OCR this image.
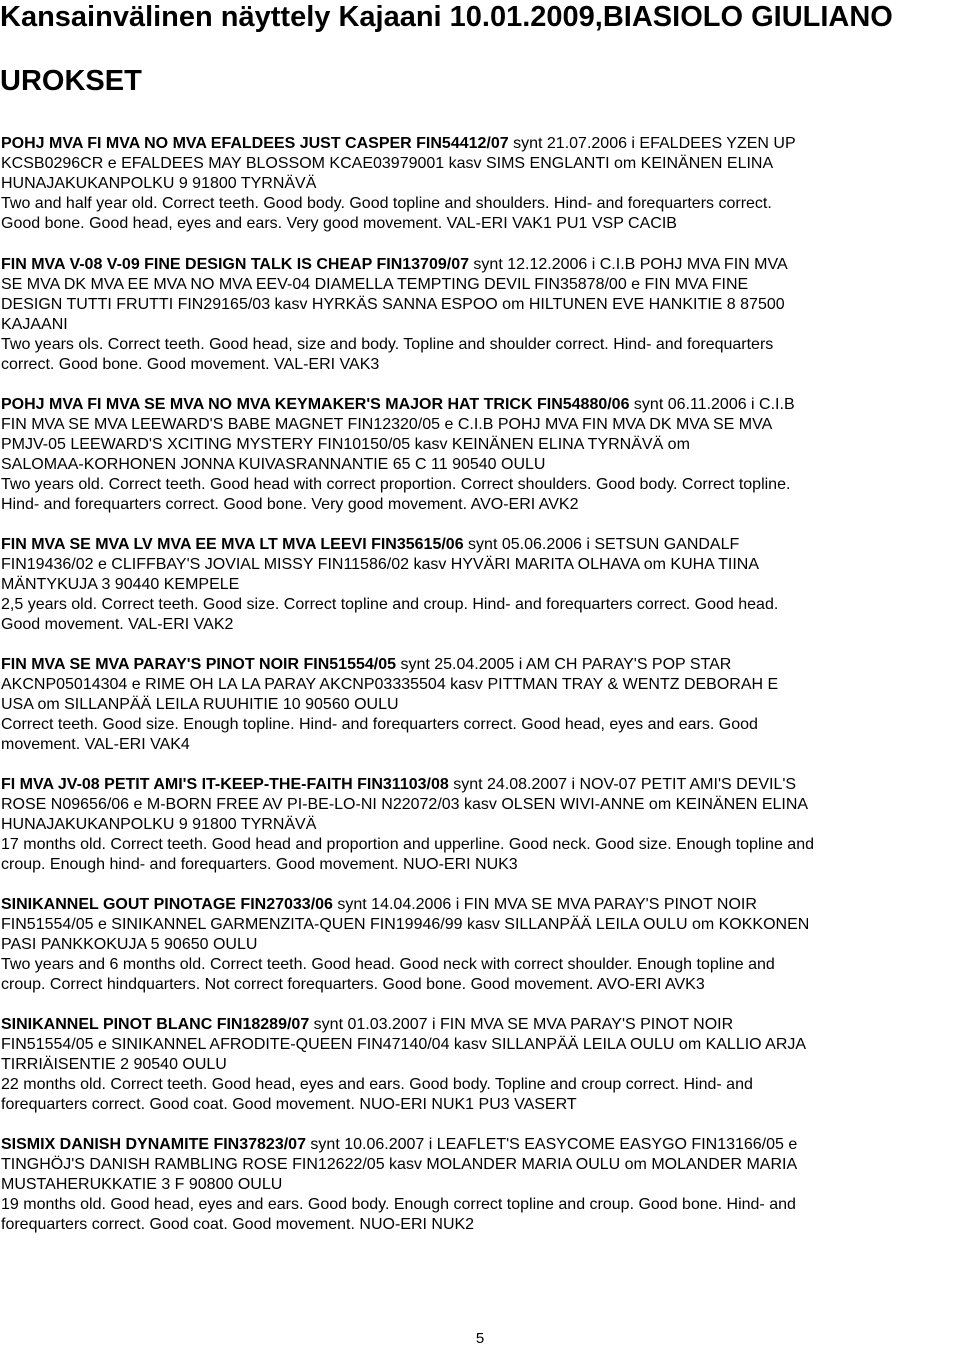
Kansainvälinen näyttely Kajaani 10.01.2009,BIASIOLO GIULIANO
UROKSET

POHJ MVA FI MVA NO MVA EFALDEES JUST CASPER FIN54412/07 synt 21.07.2006 i EFALDEES YZEN UP
KCSB0296CR e EFALDEES MAY BLOSSOM KCAE03979001 kasv SIMS ENGLANTI om KEINÄNEN ELINA
HUNAJAKUKANPOLKU 9 91800 TYRNÄVÄ
Two and half year old. Correct teeth. Good body. Good topline and shoulders. Hind- and forequarters correct.
Good bone. Good head, eyes and ears. Very good movement. VAL-ERI VAK1 PU1 VSP CACIB

FIN MVA V-08 V-09 FINE DESIGN TALK IS CHEAP FIN13709/07 synt 12.12.2006 i C.I.B POHJ MVA FIN MVA
SE MVA DK MVA EE MVA NO MVA EEV-04 DIAMELLA TEMPTING DEVIL FIN35878/00 e FIN MVA FINE
DESIGN TUTTI FRUTTI FIN29165/03 kasv HYRKÄS SANNA ESPOO om HILTUNEN EVE HANKITIE 8 87500
KAJAANI
Two years ols. Correct teeth. Good head, size and body. Topline and shoulder correct. Hind- and forequarters
correct. Good bone. Good movement. VAL-ERI VAK3

POHJ MVA FI MVA SE MVA NO MVA KEYMAKER'S MAJOR HAT TRICK FIN54880/06 synt 06.11.2006 i C.I.B
FIN MVA SE MVA LEEWARD'S BABE MAGNET FIN12320/05 e C.I.B POHJ MVA FIN MVA DK MVA SE MVA
PMJV-05 LEEWARD'S XCITING MYSTERY FIN10150/05 kasv KEINÄNEN ELINA TYRNÄVÄ om
SALOMAA-KORHONEN JONNA KUIVASRANNANTIE 65 C 11 90540 OULU
Two years old. Correct teeth. Good head with correct proportion. Correct shoulders. Good body. Correct topline.
Hind- and forequarters correct. Good bone. Very good movement. AVO-ERI AVK2

FIN MVA SE MVA LV MVA EE MVA LT MVA LEEVI FIN35615/06 synt 05.06.2006 i SETSUN GANDALF
FIN19436/02 e CLIFFBAY'S JOVIAL MISSY FIN11586/02 kasv HYVÄRI MARITA OLHAVA om KUHA TIINA
MÄNTYKUJA 3 90440 KEMPELE
2,5 years old. Correct teeth. Good size. Correct topline and croup. Hind- and forequarters correct. Good head.
Good movement. VAL-ERI VAK2

FIN MVA SE MVA PARAY'S PINOT NOIR FIN51554/05 synt 25.04.2005 i AM CH PARAY'S POP STAR
AKCNP05014304 e RIME OH LA LA PARAY AKCNP03335504 kasv PITTMAN TRAY & WENTZ DEBORAH E
USA om SILLANPÄÄ LEILA RUUHITIE 10 90560 OULU
Correct teeth. Good size. Enough topline. Hind- and forequarters correct. Good head, eyes and ears. Good
movement. VAL-ERI VAK4

FI MVA JV-08 PETIT AMI'S IT-KEEP-THE-FAITH FIN31103/08 synt 24.08.2007 i NOV-07 PETIT AMI'S DEVIL'S
ROSE N09656/06 e M-BORN FREE AV PI-BE-LO-NI N22072/03 kasv OLSEN WIVI-ANNE om KEINÄNEN ELINA
HUNAJAKUKANPOLKU 9 91800 TYRNÄVÄ
17 months old. Correct teeth. Good head and proportion and upperline. Good neck. Good size. Enough topline and
croup. Enough hind- and forequarters. Good movement. NUO-ERI NUK3

SINIKANNEL GOUT PINOTAGE FIN27033/06 synt 14.04.2006 i FIN MVA SE MVA PARAY'S PINOT NOIR
FIN51554/05 e SINIKANNEL GARMENZITA-QUEN FIN19946/99 kasv SILLANPÄÄ LEILA OULU om KOKKONEN
PASI PANKKOKUJA 5 90650 OULU
Two years and 6 months old. Correct teeth. Good head. Good neck with correct shoulder. Enough topline and
croup. Correct hindquarters. Not correct forequarters. Good bone. Good movement. AVO-ERI AVK3

SINIKANNEL PINOT BLANC FIN18289/07 synt 01.03.2007 i FIN MVA SE MVA PARAY'S PINOT NOIR
FIN51554/05 e SINIKANNEL AFRODITE-QUEEN FIN47140/04 kasv SILLANPÄÄ LEILA OULU om KALLIO ARJA
TIRRIÄISENTIE 2 90540 OULU
22 months old. Correct teeth. Good head, eyes and ears. Good body. Topline and croup correct. Hind- and
forequarters correct. Good coat. Good movement. NUO-ERI NUK1 PU3 VASERT

SISMIX DANISH DYNAMITE FIN37823/07 synt 10.06.2007 i LEAFLET'S EASYCOME EASYGO FIN13166/05 e
TINGHÖJ'S DANISH RAMBLING ROSE FIN12622/05 kasv MOLANDER MARIA OULU om MOLANDER MARIA
MUSTAHERUKKATIE 3 F 90800 OULU
19 months old. Good head, eyes and ears. Good body. Enough correct topline and croup. Good bone. Hind- and
forequarters correct. Good coat. Good movement. NUO-ERI NUK2

5
